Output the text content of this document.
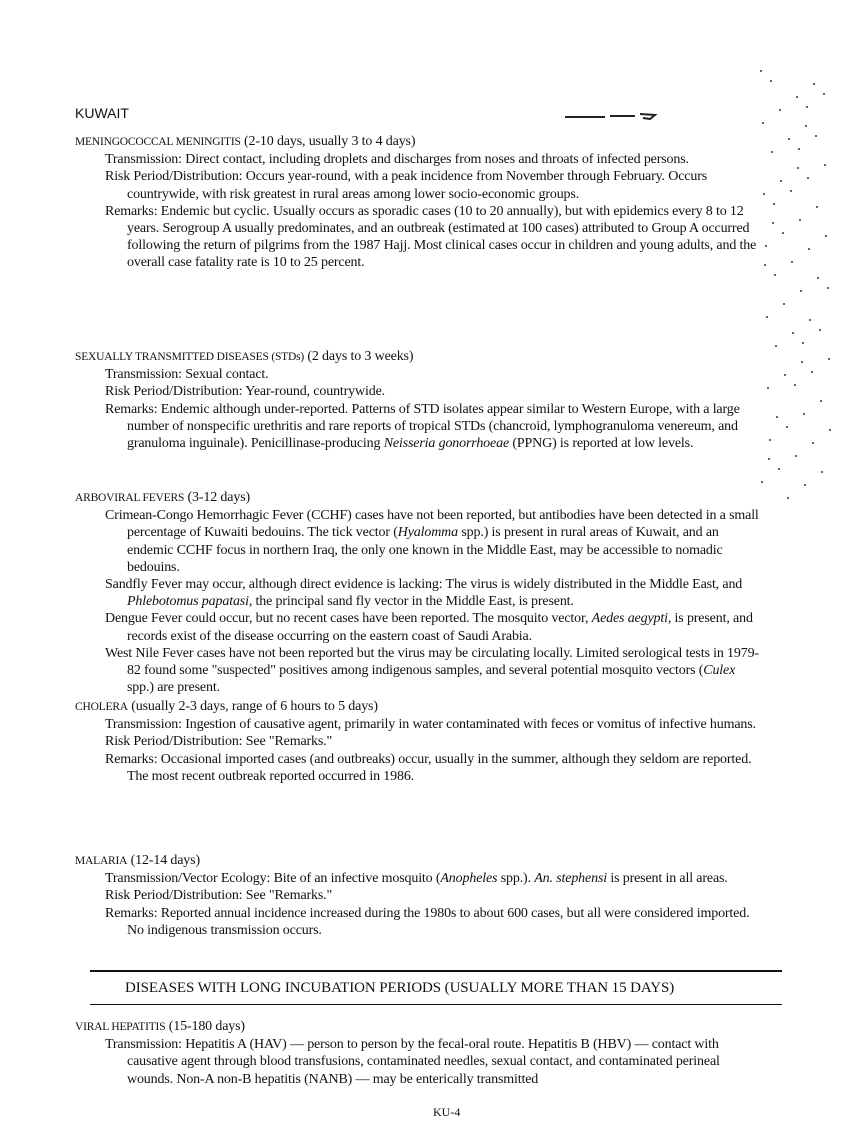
KUWAIT
MENINGOCOCCAL MENINGITIS (2-10 days, usually 3 to 4 days)
Transmission: Direct contact, including droplets and discharges from noses and throats of infected persons.
Risk Period/Distribution: Occurs year-round, with a peak incidence from November through February. Occurs countrywide, with risk greatest in rural areas among lower socio-economic groups.
Remarks: Endemic but cyclic. Usually occurs as sporadic cases (10 to 20 annually), but with epidemics every 8 to 12 years. Serogroup A usually predominates, and an outbreak (estimated at 100 cases) attributed to Group A occurred following the return of pilgrims from the 1987 Hajj. Most clinical cases occur in children and young adults, and the overall case fatality rate is 10 to 25 percent.
SEXUALLY TRANSMITTED DISEASES (STDs) (2 days to 3 weeks)
Transmission: Sexual contact.
Risk Period/Distribution: Year-round, countrywide.
Remarks: Endemic although under-reported. Patterns of STD isolates appear similar to Western Europe, with a large number of nonspecific urethritis and rare reports of tropical STDs (chancroid, lymphogranuloma venereum, and granuloma inguinale). Penicillinase-producing Neisseria gonorrhoeae (PPNG) is reported at low levels.
ARBOVIRAL FEVERS (3-12 days)
Crimean-Congo Hemorrhagic Fever (CCHF) cases have not been reported, but antibodies have been detected in a small percentage of Kuwaiti bedouins. The tick vector (Hyalomma spp.) is present in rural areas of Kuwait, and an endemic CCHF focus in northern Iraq, the only one known in the Middle East, may be accessible to nomadic bedouins.
Sandfly Fever may occur, although direct evidence is lacking: The virus is widely distributed in the Middle East, and Phlebotomus papatasi, the principal sand fly vector in the Middle East, is present.
Dengue Fever could occur, but no recent cases have been reported. The mosquito vector, Aedes aegypti, is present, and records exist of the disease occurring on the eastern coast of Saudi Arabia.
West Nile Fever cases have not been reported but the virus may be circulating locally. Limited serological tests in 1979-82 found some "suspected" positives among indigenous samples, and several potential mosquito vectors (Culex spp.) are present.
CHOLERA (usually 2-3 days, range of 6 hours to 5 days)
Transmission: Ingestion of causative agent, primarily in water contaminated with feces or vomitus of infective humans.
Risk Period/Distribution: See "Remarks."
Remarks: Occasional imported cases (and outbreaks) occur, usually in the summer, although they seldom are reported. The most recent outbreak reported occurred in 1986.
MALARIA (12-14 days)
Transmission/Vector Ecology: Bite of an infective mosquito (Anopheles spp.). An. stephensi is present in all areas.
Risk Period/Distribution: See "Remarks."
Remarks: Reported annual incidence increased during the 1980s to about 600 cases, but all were considered imported. No indigenous transmission occurs.
VIRAL HEPATITIS (15-180 days)
Transmission: Hepatitis A (HAV) — person to person by the fecal-oral route. Hepatitis B (HBV) — contact with causative agent through blood transfusions, contaminated needles, sexual contact, and contaminated perineal wounds. Non-A non-B hepatitis (NANB) — may be enterically transmitted
DISEASES WITH LONG INCUBATION PERIODS (USUALLY MORE THAN 15 DAYS)
KU-4
